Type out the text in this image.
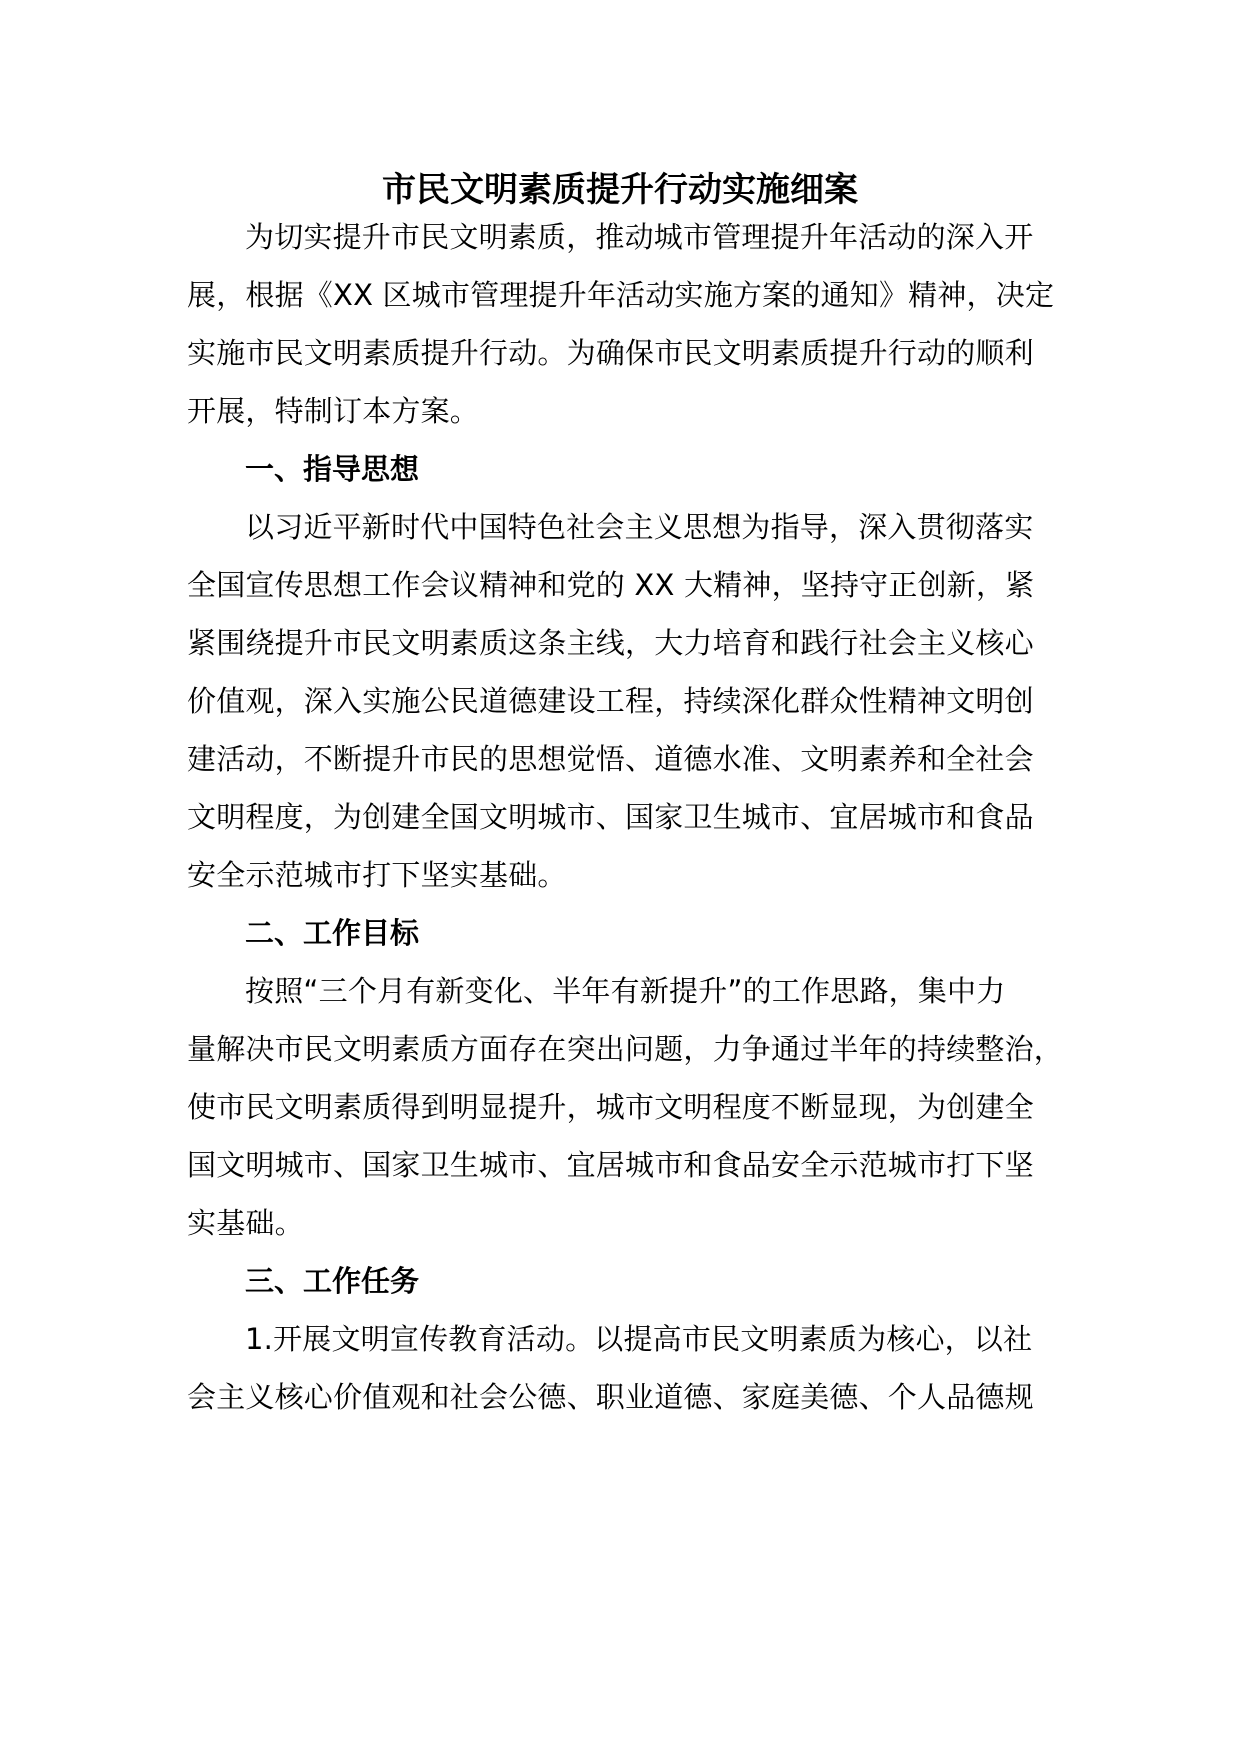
市民文明素质提升行动实施细案
为切实提升市民文明素质，推动城市管理提升年活动的深入开
展，根据《XX 区城市管理提升年活动实施方案的通知》精神，决定
实施市民文明素质提升行动。为确保市民文明素质提升行动的顺利
开展，特制订本方案。
一、指导思想
以习近平新时代中国特色社会主义思想为指导，深入贯彻落实
全国宣传思想工作会议精神和党的 XX 大精神，坚持守正创新，紧
紧围绕提升市民文明素质这条主线，大力培育和践行社会主义核心
价值观，深入实施公民道德建设工程，持续深化群众性精神文明创
建活动，不断提升市民的思想觉悟、道德水准、文明素养和全社会
文明程度，为创建全国文明城市、国家卫生城市、宜居城市和食品
安全示范城市打下坚实基础。
二、工作目标
按照“三个月有新变化、半年有新提升”的工作思路，集中力
量解决市民文明素质方面存在突出问题，力争通过半年的持续整治，
使市民文明素质得到明显提升，城市文明程度不断显现，为创建全
国文明城市、国家卫生城市、宜居城市和食品安全示范城市打下坚
实基础。
三、工作任务
1.开展文明宣传教育活动。以提高市民文明素质为核心，以社
会主义核心价值观和社会公德、职业道德、家庭美德、个人品德规
